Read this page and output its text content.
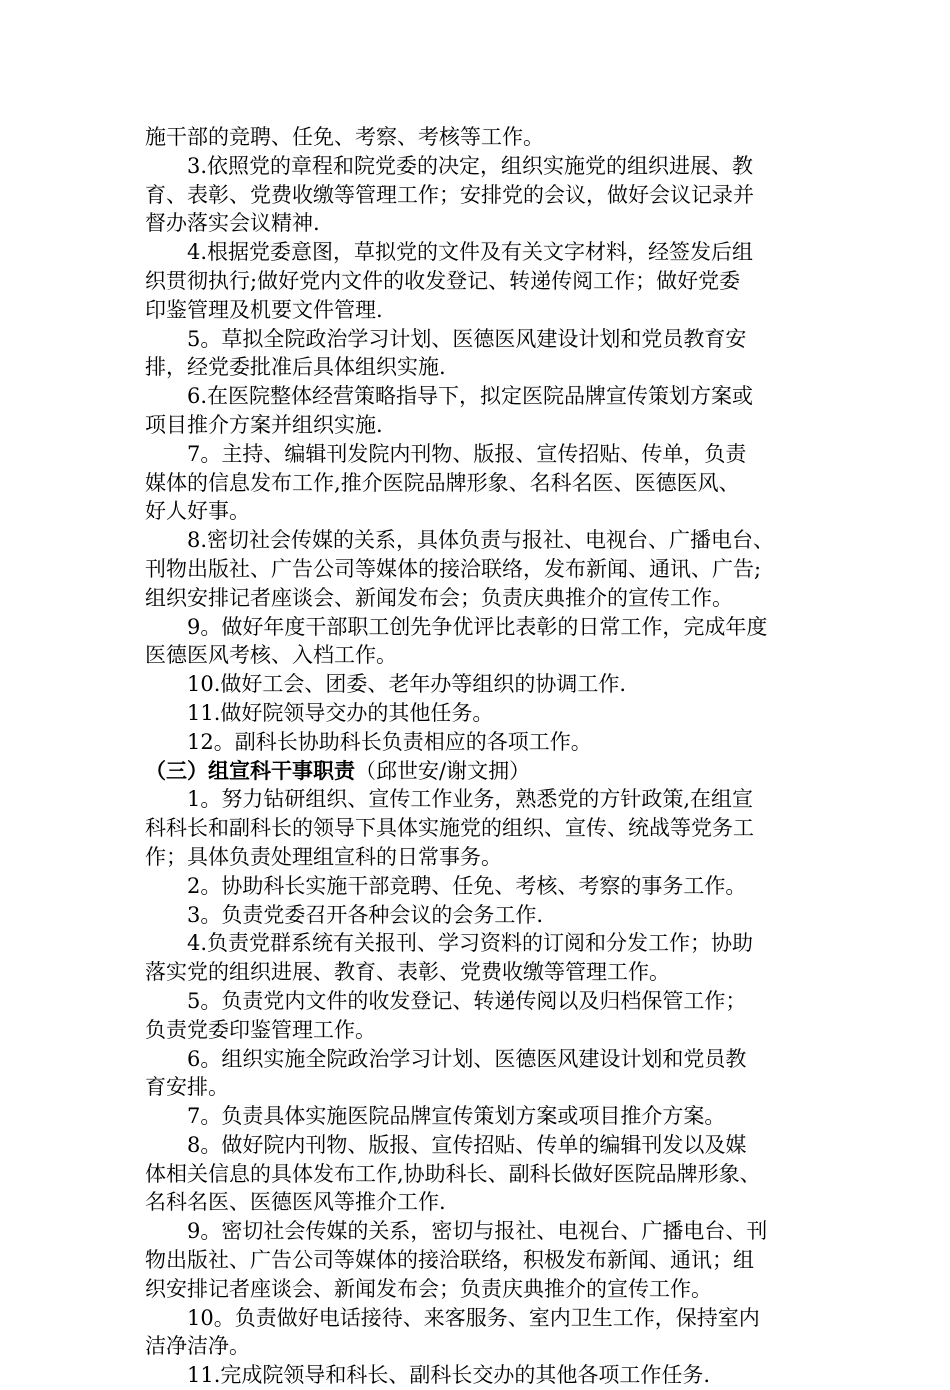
施干部的竞聘、任免、考察、考核等工作。
3.依照党的章程和院党委的决定，组织实施党的组织进展、教
育、表彰、党费收缴等管理工作；安排党的会议，做好会议记录并
督办落实会议精神.
4.根据党委意图，草拟党的文件及有关文字材料，经签发后组
织贯彻执行;做好党内文件的收发登记、转递传阅工作；做好党委
印鉴管理及机要文件管理.
5。草拟全院政治学习计划、医德医风建设计划和党员教育安
排，经党委批准后具体组织实施.
6.在医院整体经营策略指导下，拟定医院品牌宣传策划方案或
项目推介方案并组织实施.
7。主持、编辑刊发院内刊物、版报、宣传招贴、传单，负责
媒体的信息发布工作,推介医院品牌形象、名科名医、医德医风、
好人好事。
8.密切社会传媒的关系，具体负责与报社、电视台、广播电台、
刊物出版社、广告公司等媒体的接洽联络，发布新闻、通讯、广告;
组织安排记者座谈会、新闻发布会；负责庆典推介的宣传工作。
9。做好年度干部职工创先争优评比表彰的日常工作，完成年度
医德医风考核、入档工作。
10.做好工会、团委、老年办等组织的协调工作.
11.做好院领导交办的其他任务。
12。副科长协助科长负责相应的各项工作。
（三）组宣科干事职责（邱世安/谢文拥）
1。努力钻研组织、宣传工作业务，熟悉党的方针政策,在组宣
科科长和副科长的领导下具体实施党的组织、宣传、统战等党务工
作；具体负责处理组宣科的日常事务。
2。协助科长实施干部竞聘、任免、考核、考察的事务工作。
3。负责党委召开各种会议的会务工作.
4.负责党群系统有关报刊、学习资料的订阅和分发工作；协助
落实党的组织进展、教育、表彰、党费收缴等管理工作。
5。负责党内文件的收发登记、转递传阅以及归档保管工作；
负责党委印鉴管理工作。
6。组织实施全院政治学习计划、医德医风建设计划和党员教
育安排。
7。负责具体实施医院品牌宣传策划方案或项目推介方案。
8。做好院内刊物、版报、宣传招贴、传单的编辑刊发以及媒
体相关信息的具体发布工作,协助科长、副科长做好医院品牌形象、
名科名医、医德医风等推介工作.
9。密切社会传媒的关系，密切与报社、电视台、广播电台、刊
物出版社、广告公司等媒体的接洽联络，积极发布新闻、通讯；组
织安排记者座谈会、新闻发布会；负责庆典推介的宣传工作。
10。负责做好电话接待、来客服务、室内卫生工作，保持室内
洁净洁净。
11.完成院领导和科长、副科长交办的其他各项工作任务.
